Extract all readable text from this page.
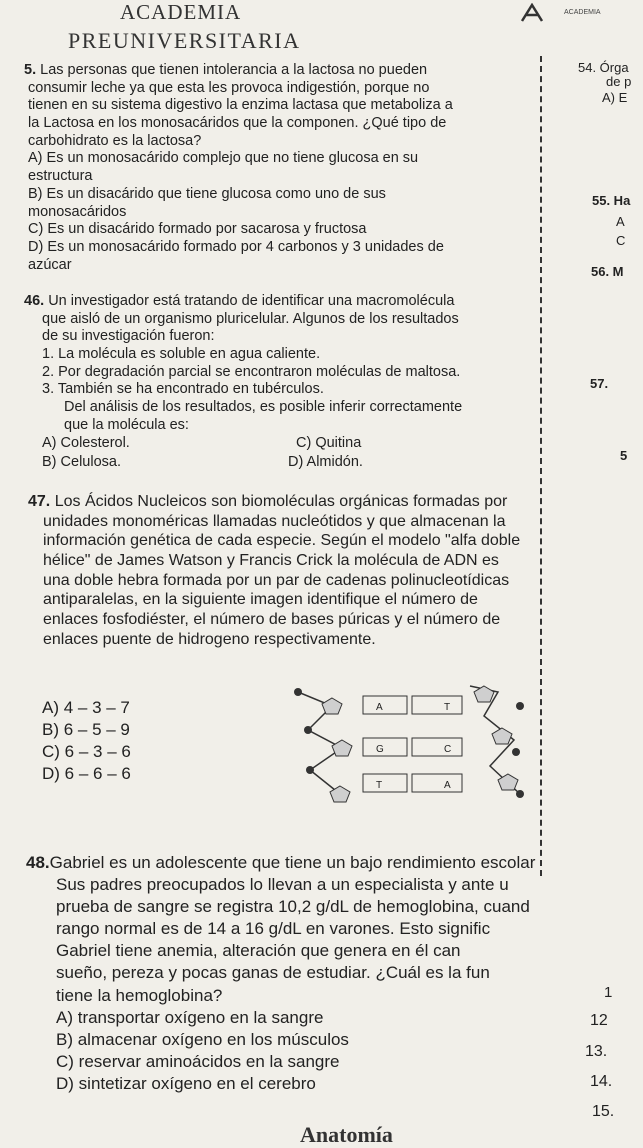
ACADEMIA
PREUNIVERSITARIA
ACADEMIA

5. Las personas que tienen intolerancia a la lactosa no pueden

consumir leche ya que esta les provoca indigestión, porque no

tienen en su sistema digestivo la enzima lactasa que metaboliza a

la Lactosa en los monosacáridos que la componen. ¿Qué tipo de

carbohidrato es la lactosa?

A) Es un monosacárido complejo que no tiene glucosa en su

estructura

B) Es un disacárido que tiene glucosa como uno de sus

monosacáridos

C) Es un disacárido formado por sacarosa y fructosa

D) Es un monosacárido formado por 4 carbonos y 3 unidades de

azúcar

46. Un investigador está tratando de identificar una macromolécula

que aisló de un organismo pluricelular. Algunos de los resultados

de su investigación fueron:

1. La molécula es soluble en agua caliente.

2. Por degradación parcial se encontraron moléculas de maltosa.

3. También se ha encontrado en tubérculos.

Del análisis de los resultados, es posible inferir correctamente

que la molécula es:

A) Colesterol.	C) Quitina
B) Celulosa.	D) Almidón.

47. Los Ácidos Nucleicos son biomoléculas orgánicas formadas por

unidades monoméricas llamadas nucleótidos y que almacenan la

información genética de cada especie. Según el modelo "alfa doble

hélice" de James Watson y Francis Crick la molécula de ADN es

una doble hebra formada por un par de cadenas polinucleotídicas

antiparalelas, en la siguiente imagen identifique el número de

enlaces fosfodiéster, el número de bases púricas y el número de

enlaces puente de hidrogeno respectivamente.

A) 4 – 3 – 7
B) 6 – 5 – 9
C) 6 – 3 – 6
D) 6 – 6 – 6
A	T
G	C
T	A

48.Gabriel es un adolescente que tiene un bajo rendimiento escolar

Sus padres preocupados lo llevan a un especialista y ante u

prueba de sangre se registra 10,2 g/dL de hemoglobina, cuand

rango normal es de 14 a 16 g/dL en varones. Esto signific

Gabriel tiene anemia, alteración que genera en él can

sueño, pereza y pocas ganas de estudiar. ¿Cuál es la fun

tiene la hemoglobina?

A) transportar oxígeno en la sangre

B) almacenar oxígeno en los músculos

C) reservar aminoácidos en la sangre

D) sintetizar oxígeno en el cerebro

54. Órga
de p
A) E
55. Ha
A
C
56. M
57.
5
1
12
13.
14.
15.
Anatomía
